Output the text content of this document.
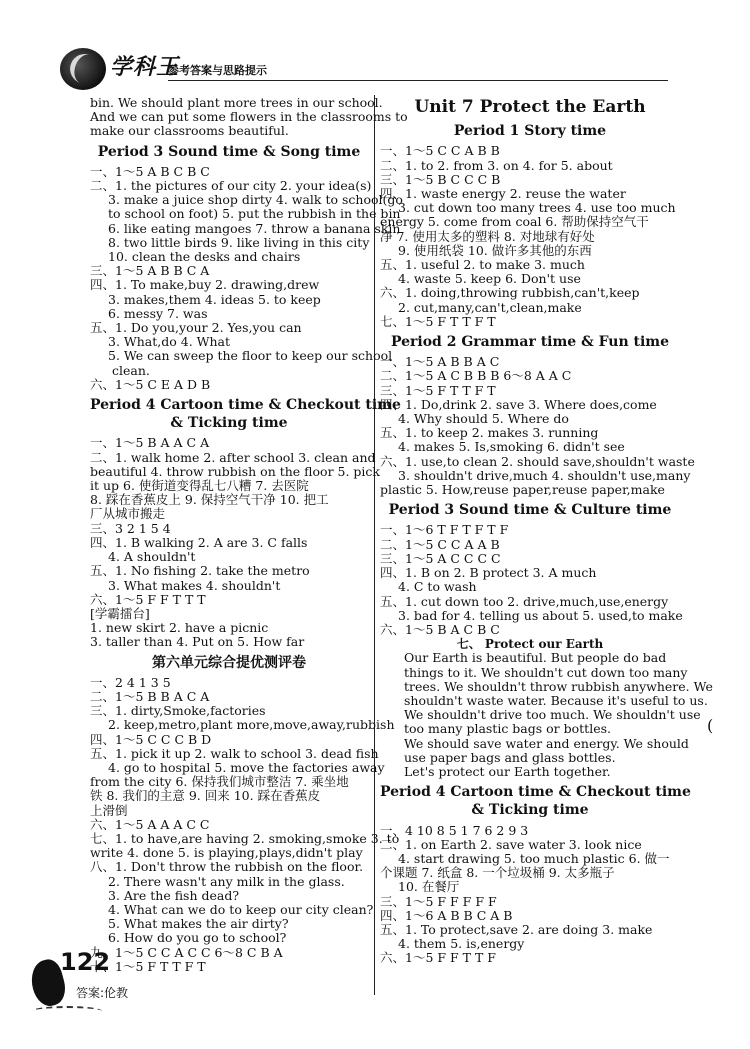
学科王
参考答案与思路提示
bin. We should plant more trees in our school.
And we can put some flowers in the classrooms to
make our classrooms beautiful.
Period 3 Sound time & Song time
一、1～5 A B C B C
二、1. the pictures of our city 2. your idea(s)
3. make a juice shop dirty 4. walk to school(go
to school on foot) 5. put the rubbish in the bin
6. like eating mangoes 7. throw a banana skin
8. two little birds 9. like living in this city
10. clean the desks and chairs
三、1～5 A B B C A
四、1. To make,buy 2. drawing,drew
3. makes,them 4. ideas 5. to keep
6. messy 7. was
五、1. Do you,your 2. Yes,you can
3. What,do 4. What
5. We can sweep the floor to keep our school
clean.
六、1～5 C E A D B
Period 4 Cartoon time & Checkout time
& Ticking time
一、1～5 B A A C A
二、1. walk home 2. after school 3. clean and
beautiful 4. throw rubbish on the floor 5. pick
it up 6. 使街道变得乱七八糟 7. 去医院
8. 踩在香蕉皮上 9. 保持空气干净 10. 把工
厂从城市搬走
三、3 2 1 5 4
四、1. B walking 2. A are 3. C falls
4. A shouldn't
五、1. No fishing 2. take the metro
3. What makes 4. shouldn't
六、1～5 F F T T T
[学霸擂台]
1. new skirt 2. have a picnic
3. taller than 4. Put on 5. How far
第六单元综合提优测评卷
一、2 4 1 3 5
二、1～5 B B A C A
三、1. dirty,Smoke,factories
2. keep,metro,plant more,move,away,rubbish
四、1～5 C C C B D
五、1. pick it up 2. walk to school 3. dead fish
4. go to hospital 5. move the factories away
from the city 6. 保持我们城市整洁 7. 乘坐地
铁 8. 我们的主意 9. 回来 10. 踩在香蕉皮
上滑倒
六、1～5 A A A C C
七、1. to have,are having 2. smoking,smoke 3. to
write 4. done 5. is playing,plays,didn't play
八、1. Don't throw the rubbish on the floor.
2. There wasn't any milk in the glass.
3. Are the fish dead?
4. What can we do to keep our city clean?
5. What makes the air dirty?
6. How do you go to school?
九、1～5 C C A C C 6～8 C B A
十、1～5 F T T F T
Unit 7 Protect the Earth
Period 1 Story time
一、1～5 C C A B B
二、1. to 2. from 3. on 4. for 5. about
三、1～5 B C C C B
四、1. waste energy 2. reuse the water
3. cut down too many trees 4. use too much
energy 5. come from coal 6. 帮助保持空气干
净 7. 使用太多的塑料 8. 对地球有好处
9. 使用纸袋 10. 做许多其他的东西
五、1. useful 2. to make 3. much
4. waste 5. keep 6. Don't use
六、1. doing,throwing rubbish,can't,keep
2. cut,many,can't,clean,make
七、1～5 F T T F T
Period 2 Grammar time & Fun time
一、1～5 A B B A C
二、1～5 A C B B B 6～8 A A C
三、1～5 F T T F T
四、1. Do,drink 2. save 3. Where does,come
4. Why should 5. Where do
五、1. to keep 2. makes 3. running
4. makes 5. Is,smoking 6. didn't see
六、1. use,to clean 2. should save,shouldn't waste
3. shouldn't drive,much 4. shouldn't use,many
plastic 5. How,reuse paper,reuse paper,make
Period 3 Sound time & Culture time
一、1～6 T F T F T F
二、1～5 C C A A B
三、1～5 A C C C C
四、1. B on 2. B protect 3. A much
4. C to wash
五、1. cut down too 2. drive,much,use,energy
3. bad for 4. telling us about 5. used,to make
六、1～5 B A C B C
七、 Protect our Earth
Our Earth is beautiful. But people do bad
things to it. We shouldn't cut down too many
trees. We shouldn't throw rubbish anywhere. We
shouldn't waste water. Because it's useful to us.
We shouldn't drive too much. We shouldn't use
too many plastic bags or bottles.
We should save water and energy. We should
use paper bags and glass bottles.
Let's protect our Earth together.
Period 4 Cartoon time & Checkout time
& Ticking time
一、4 10 8 5 1 7 6 2 9 3
二、1. on Earth 2. save water 3. look nice
4. start drawing 5. too much plastic 6. 做一
个课题 7. 纸盒 8. 一个垃圾桶 9. 太多瓶子
10. 在餐厅
三、1～5 F F F F F
四、1～6 A B B C A B
五、1. To protect,save 2. are doing 3. make
4. them 5. is,energy
六、1～5 F F T T F
(
122
答案:伦教
